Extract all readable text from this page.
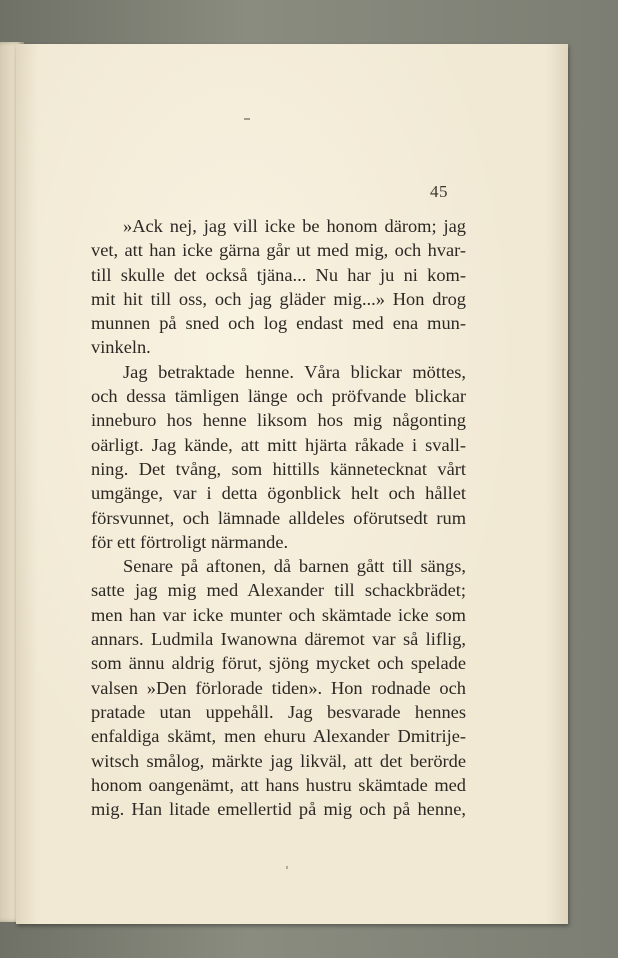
45
»Ack nej, jag vill icke be honom därom; jag
vet, att han icke gärna går ut med mig, och hvar-
till skulle det också tjäna... Nu har ju ni kom-
mit hit till oss, och jag gläder mig...» Hon drog
munnen på sned och log endast med ena mun-
vinkeln.
Jag betraktade henne. Våra blickar möttes,
och dessa tämligen länge och pröfvande blickar
inneburo hos henne liksom hos mig någonting
oärligt. Jag kände, att mitt hjärta råkade i svall-
ning. Det tvång, som hittills kännetecknat vårt
umgänge, var i detta ögonblick helt och hållet
försvunnet, och lämnade alldeles oförutsedt rum
för ett förtroligt närmande.
Senare på aftonen, då barnen gått till sängs,
satte jag mig med Alexander till schackbrädet;
men han var icke munter och skämtade icke som
annars. Ludmila Iwanowna däremot var så liflig,
som ännu aldrig förut, sjöng mycket och spelade
valsen »Den förlorade tiden». Hon rodnade och
pratade utan uppehåll. Jag besvarade hennes
enfaldiga skämt, men ehuru Alexander Dmitrije-
witsch smålog, märkte jag likväl, att det berörde
honom oangenämt, att hans hustru skämtade med
mig. Han litade emellertid på mig och på henne,
